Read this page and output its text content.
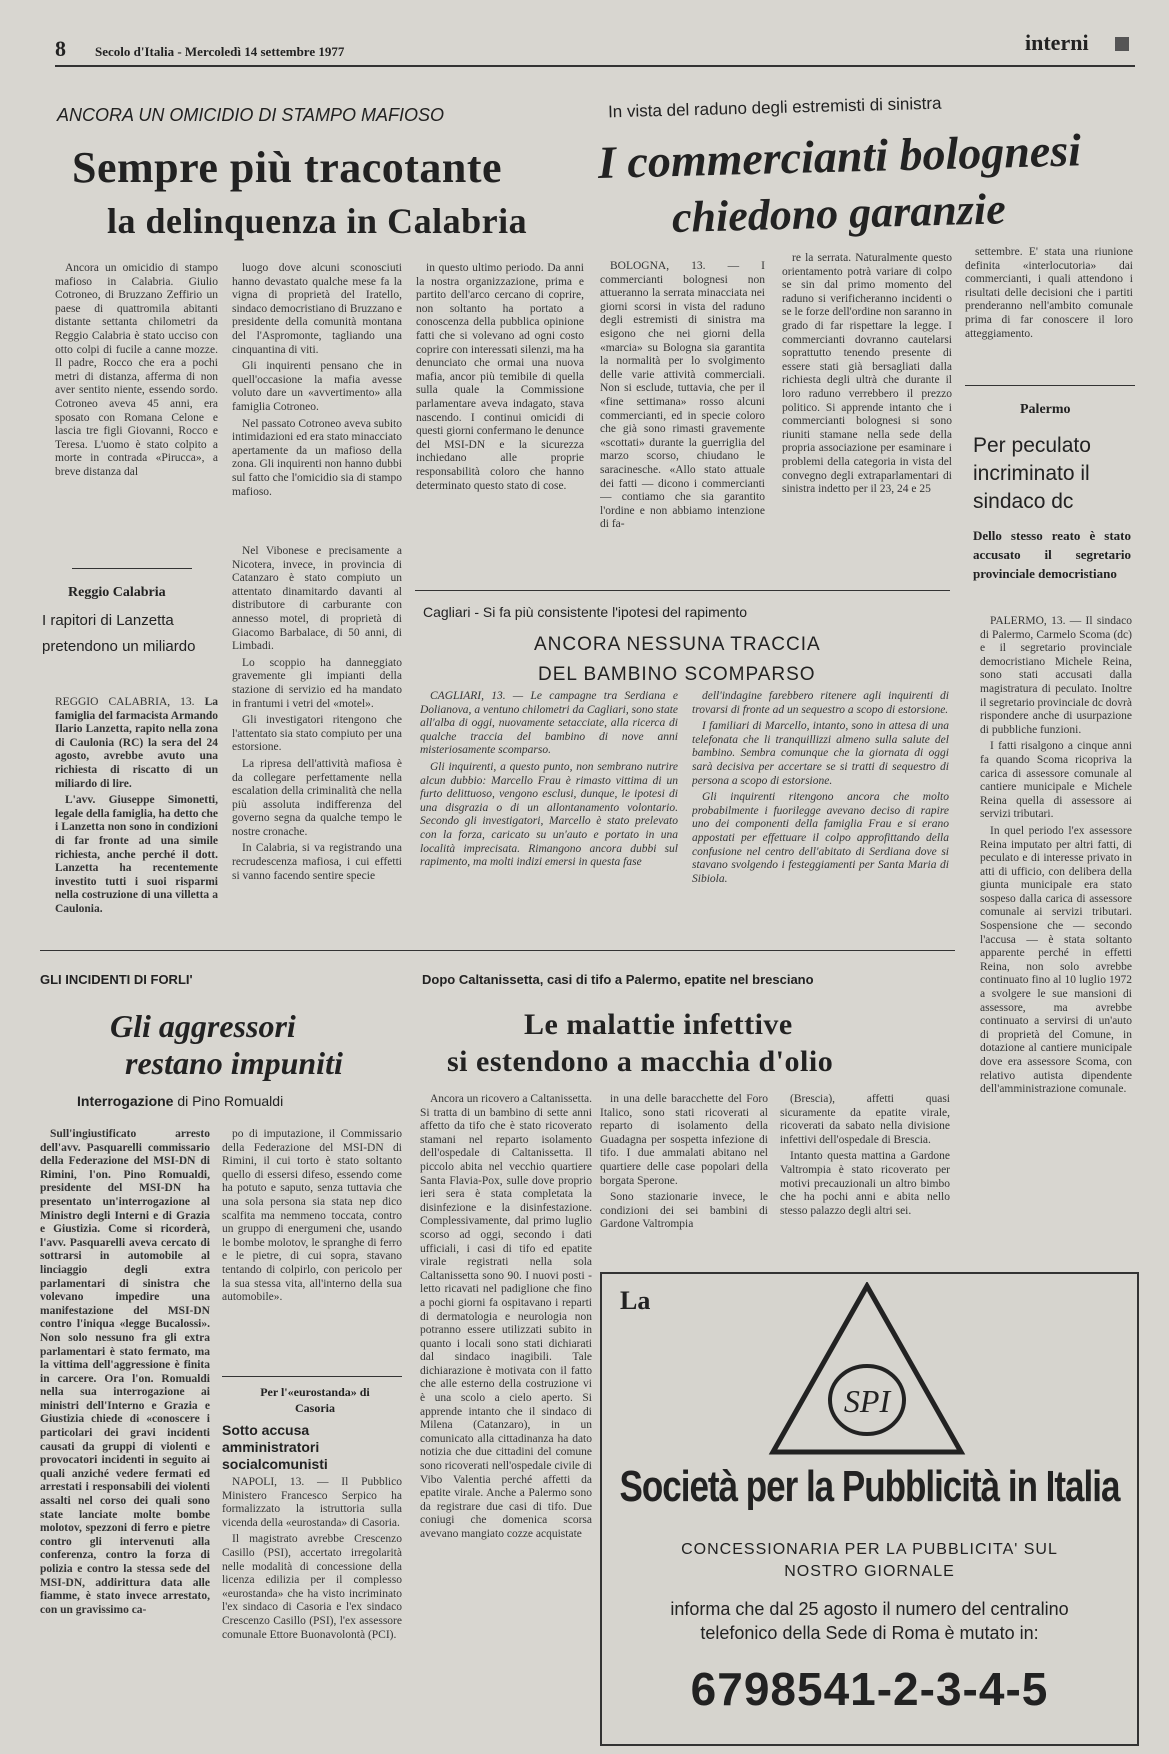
8 Secolo d'Italia - Mercoledì 14 settembre 1977	interni
ANCORA UN OMICIDIO DI STAMPO MAFIOSO
Sempre più tracotante
la delinquenza in Calabria

Ancora un omicidio di stampo mafioso in Calabria. Giulio Cotroneo, di Bruzzano Zeffirio un paese di quattromila abitanti distante settanta chilometri da Reggio Calabria è stato ucciso con otto colpi di fucile a canne mozze. Il padre, Rocco che era a pochi metri di distanza, afferma di non aver sentito niente, essendo sordo. Cotroneo aveva 45 anni, era sposato con Romana Celone e lascia tre figli Giovanni, Rocco e Teresa. L'uomo è stato colpito a morte in contrada «Pirucca», a breve distanza dal

luogo dove alcuni sconosciuti hanno devastato qualche mese fa la vigna di proprietà del Iratello, sindaco democristiano di Bruzzano e presidente della comunità montana del l'Aspromonte, tagliando una cinquantina di viti.

Gli inquirenti pensano che in quell'occasione la mafia avesse voluto dare un «avvertimento» alla famiglia Cotroneo.

Nel passato Cotroneo aveva subito intimidazioni ed era stato minacciato apertamente da un mafioso della zona. Gli inquirenti non hanno dubbi sul fatto che l'omicidio sia di stampo mafioso.

in questo ultimo periodo. Da anni la nostra organizzazione, prima e partito dell'arco cercano di coprire, non soltanto ha portato a conoscenza della pubblica opinione fatti che si volevano ad ogni costo coprire con interessati silenzi, ma ha denunciato che ormai una nuova mafia, ancor più temibile di quella sulla quale la Commissione parlamentare aveva indagato, stava nascendo. I continui omicidi di questi giorni confermano le denunce del MSI-DN e la sicurezza inchiedano alle proprie responsabilità coloro che hanno determinato questo stato di cose.

Nel Vibonese e precisamente a Nicotera, invece, in provincia di Catanzaro è stato compiuto un attentato dinamitardo davanti al distributore di carburante con annesso motel, di proprietà di Giacomo Barbalace, di 50 anni, di Limbadi.

Lo scoppio ha danneggiato gravemente gli impianti della stazione di servizio ed ha mandato in frantumi i vetri del «motel».

Gli investigatori ritengono che l'attentato sia stato compiuto per una estorsione.

La ripresa dell'attività mafiosa è da collegare perfettamente nella escalation della criminalità che nella più assoluta indifferenza del governo segna da qualche tempo le nostre cronache.

In Calabria, si va registrando una recrudescenza mafiosa, i cui effetti si vanno facendo sentire specie

Reggio Calabria
I rapitori di Lanzetta pretendono un miliardo

REGGIO CALABRIA, 13. La famiglia del farmacista Armando Ilario Lanzetta, rapito nella zona di Caulonia (RC) la sera del 24 agosto, avrebbe avuto una richiesta di riscatto di un miliardo di lire.

L'avv. Giuseppe Simonetti, legale della famiglia, ha detto che i Lanzetta non sono in condizioni di far fronte ad una simile richiesta, anche perché il dott. Lanzetta ha recentemente investito tutti i suoi risparmi nella costruzione di una villetta a Caulonia.

In vista del raduno degli estremisti di sinistra
I commercianti bolognesi
chiedono garanzie

BOLOGNA, 13. — I commercianti bolognesi non attueranno la serrata minacciata nei giorni scorsi in vista del raduno degli estremisti di sinistra ma esigono che nei giorni della «marcia» su Bologna sia garantita la normalità per lo svolgimento delle varie attività commerciali. Non si esclude, tuttavia, che per il «fine settimana» rosso alcuni commercianti, ed in specie coloro che già sono rimasti gravemente «scottati» durante la guerriglia del marzo scorso, chiudano le saracinesche. «Allo stato attuale dei fatti — dicono i commercianti — contiamo che sia garantito l'ordine e non abbiamo intenzione di fa-

re la serrata. Naturalmente questo orientamento potrà variare di colpo se sin dal primo momento del raduno si verificheranno incidenti o se le forze dell'ordine non saranno in grado di far rispettare la legge. I commercianti dovranno cautelarsi soprattutto tenendo presente di essere stati già bersagliati dalla richiesta degli ultrà che durante il loro raduno verrebbero il prezzo politico. Si apprende intanto che i commercianti bolognesi si sono riuniti stamane nella sede della propria associazione per esaminare i problemi della categoria in vista del convegno degli extraparlamentari di sinistra indetto per il 23, 24 e 25

settembre. E' stata una riunione definita «interlocutoria» dai commercianti, i quali attendono i risultati delle decisioni che i partiti prenderanno nell'ambito comunale prima di far conoscere il loro atteggiamento.

Palermo
Per peculato incriminato il sindaco dc
Dello stesso reato è stato accusato il segretario provinciale democristiano

PALERMO, 13. — Il sindaco di Palermo, Carmelo Scoma (dc) e il segretario provinciale democristiano Michele Reina, sono stati accusati dalla magistratura di peculato. Inoltre il segretario provinciale dc dovrà rispondere anche di usurpazione di pubbliche funzioni.

I fatti risalgono a cinque anni fa quando Scoma ricopriva la carica di assessore comunale al cantiere municipale e Michele Reina quella di assessore ai servizi tributari.

In quel periodo l'ex assessore Reina imputato per altri fatti, di peculato e di interesse privato in atti di ufficio, con delibera della giunta municipale era stato sospeso dalla carica di assessore comunale ai servizi tributari. Sospensione che — secondo l'accusa — è stata soltanto apparente perché in effetti Reina, non solo avrebbe continuato fino al 10 luglio 1972 a svolgere le sue mansioni di assessore, ma avrebbe continuato a servirsi di un'auto di proprietà del Comune, in dotazione al cantiere municipale dove era assessore Scoma, con relativo autista dipendente dell'amministrazione comunale.

Cagliari - Si fa più consistente l'ipotesi del rapimento
ANCORA NESSUNA TRACCIA
DEL BAMBINO SCOMPARSO

CAGLIARI, 13. — Le campagne tra Serdiana e Dolianova, a ventuno chilometri da Cagliari, sono state all'alba di oggi, nuovamente setacciate, alla ricerca di qualche traccia del bambino di nove anni misteriosamente scomparso.

Gli inquirenti, a questo punto, non sembrano nutrire alcun dubbio: Marcello Frau è rimasto vittima di un furto delittuoso, vengono esclusi, dunque, le ipotesi di una disgrazia o di un allontanamento volontario. Secondo gli investigatori, Marcello è stato prelevato con la forza, caricato su un'auto e portato in una località imprecisata. Rimangono ancora dubbi sul rapimento, ma molti indizi emersi in questa fase

dell'indagine farebbero ritenere agli inquirenti di trovarsi di fronte ad un sequestro a scopo di estorsione.

I familiari di Marcello, intanto, sono in attesa di una telefonata che li tranquillizzi almeno sulla salute del bambino. Sembra comunque che la giornata di oggi sarà decisiva per accertare se si tratti di sequestro di persona a scopo di estorsione.

Gli inquirenti ritengono ancora che molto probabilmente i fuorilegge avevano deciso di rapire uno dei componenti della famiglia Frau e si erano appostati per effettuare il colpo approfittando della confusione nel centro dell'abitato di Serdiana dove si stavano svolgendo i festeggiamenti per Santa Maria di Sibiola.

GLI INCIDENTI DI FORLI'
Gli aggressori
restano impuniti
Interrogazione di Pino Romualdi

Sull'ingiustificato arresto dell'avv. Pasquarelli commissario della Federazione del MSI-DN di Rimini, l'on. Pino Romualdi, presidente del MSI-DN ha presentato un'interrogazione al Ministro degli Interni e di Grazia e Giustizia. Come si ricorderà, l'avv. Pasquarelli aveva cercato di sottrarsi in automobile al linciaggio degli extra parlamentari di sinistra che volevano impedire una manifestazione del MSI-DN contro l'iniqua «legge Bucalossi». Non solo nessuno fra gli extra parlamentari è stato fermato, ma la vittima dell'aggressione è finita in carcere. Ora l'on. Romualdi nella sua interrogazione ai ministri dell'Interno e Grazia e Giustizia chiede di «conoscere i particolari dei gravi incidenti causati da gruppi di violenti e provocatori incidenti in seguito ai quali anziché vedere fermati ed arrestati i responsabili dei violenti assalti nel corso dei quali sono state lanciate molte bombe molotov, spezzoni di ferro e pietre contro gli intervenuti alla conferenza, contro la forza di polizia e contro la stessa sede del MSI-DN, addirittura data alle fiamme, è stato invece arrestato, con un gravissimo ca-

po di imputazione, il Commissario della Federazione del MSI-DN di Rimini, il cui torto è stato soltanto quello di essersi difeso, essendo come ha potuto e saputo, senza tuttavia che una sola persona sia stata nep dico scalfita ma nemmeno toccata, contro un gruppo di energumeni che, usando le bombe molotov, le spranghe di ferro e le pietre, di cui sopra, stavano tentando di colpirlo, con pericolo per la sua stessa vita, all'interno della sua automobile».

Per l'«eurostanda» di Casoria
Sotto accusa amministratori socialcomunisti

NAPOLI, 13. — Il Pubblico Ministero Francesco Serpico ha formalizzato la istruttoria sulla vicenda della «eurostanda» di Casoria.

Il magistrato avrebbe Crescenzo Casillo (PSI), accertato irregolarità nelle modalità di concessione della licenza edilizia per il complesso «eurostanda» che ha visto incriminato l'ex sindaco di Casoria e l'ex sindaco Crescenzo Casillo (PSI), l'ex assessore comunale Ettore Buonavolontà (PCI).

Dopo Caltanissetta, casi di tifo a Palermo, epatite nel bresciano
Le malattie infettive
si estendono a macchia d'olio

Ancora un ricovero a Caltanissetta. Si tratta di un bambino di sette anni affetto da tifo che è stato ricoverato stamani nel reparto isolamento dell'ospedale di Caltanissetta. Il piccolo abita nel vecchio quartiere Santa Flavia-Pox, sulle dove proprio ieri sera è stata completata la disinfezione e la disinfestazione. Complessivamente, dal primo luglio scorso ad oggi, secondo i dati ufficiali, i casi di tifo ed epatite virale registrati nella sola Caltanissetta sono 90. I nuovi posti - letto ricavati nel padiglione che fino a pochi giorni fa ospitavano i reparti di dermatologia e neurologia non potranno essere utilizzati subito in quanto i locali sono stati dichiarati dal sindaco inagibili. Tale dichiarazione è motivata con il fatto che alle esterno della costruzione vi è una scolo a cielo aperto. Si apprende intanto che il sindaco di Milena (Catanzaro), in un comunicato alla cittadinanza ha dato notizia che due cittadini del comune sono ricoverati nell'ospedale civile di Vibo Valentia perché affetti da epatite virale. Anche a Palermo sono da registrare due casi di tifo. Due coniugi che domenica scorsa avevano mangiato cozze acquistate

in una delle baracchette del Foro Italico, sono stati ricoverati al reparto di isolamento della Guadagna per sospetta infezione di tifo. I due ammalati abitano nel quartiere delle case popolari della borgata Sperone.

Sono stazionarie invece, le condizioni dei sei bambini di Gardone Valtrompia

(Brescia), affetti quasi sicuramente da epatite virale, ricoverati da sabato nella divisione infettivi dell'ospedale di Brescia.

Intanto questa mattina a Gardone Valtrompia è stato ricoverato per motivi precauzionali un altro bimbo che ha pochi anni e abita nello stesso palazzo degli altri sei.

La
SPI
Società per la Pubblicità in Italia
CONCESSIONARIA PER LA PUBBLICITA' SUL NOSTRO GIORNALE
informa che dal 25 agosto il numero del centralino telefonico della Sede di Roma è mutato in:
6798541-2-3-4-5
